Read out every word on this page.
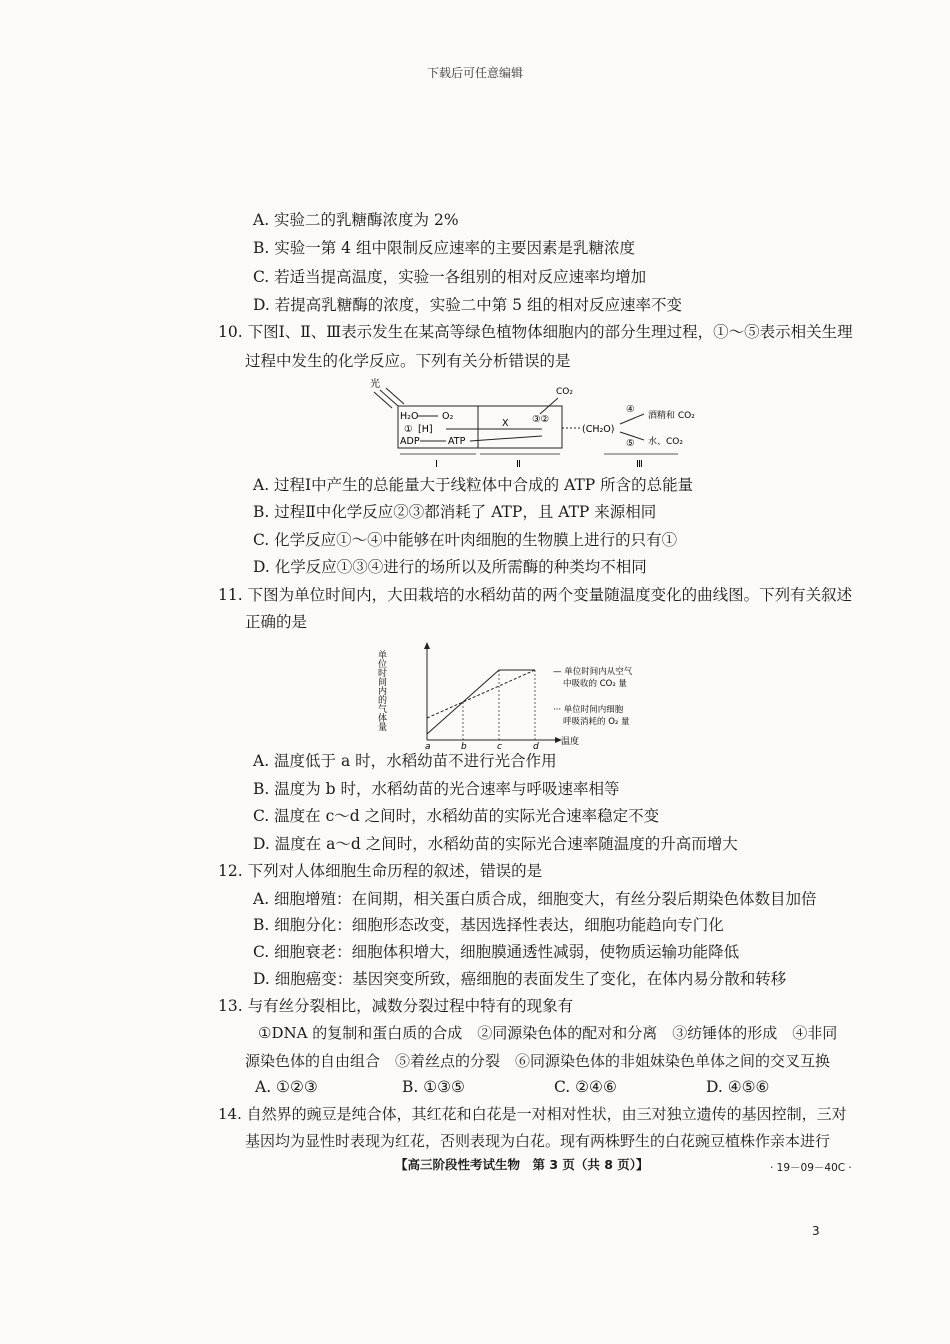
下载后可任意编辑
A. 实验二的乳糖酶浓度为 2%
B. 实验一第 4 组中限制反应速率的主要因素是乳糖浓度
C. 若适当提高温度，实验一各组别的相对反应速率均增加
D. 若提高乳糖酶的浓度，实验二中第 5 组的相对反应速率不变
10. 下图Ⅰ、Ⅱ、Ⅲ表示发生在某高等绿色植物体细胞内的部分生理过程，①～⑤表示相关生理
过程中发生的化学反应。下列有关分析错误的是
光
H₂O O₂
[H]
①
ADP	ATP
X ③②
CO₂
(CH₂O)
④
酒精和 CO₂
⑤ 水、CO₂
Ⅰ	Ⅱ	Ⅲ
A. 过程Ⅰ中产生的总能量大于线粒体中合成的 ATP 所含的总能量
B. 过程Ⅱ中化学反应②③都消耗了 ATP，且 ATP 来源相同
C. 化学反应①～④中能够在叶肉细胞的生物膜上进行的只有①
D. 化学反应①③④进行的场所以及所需酶的种类均不相同
11. 下图为单位时间内，大田栽培的水稻幼苗的两个变量随温度变化的曲线图。下列有关叙述
正确的是
单位时间内的气体量
a	b	c	d 温度
— 单位时间内从空气
中吸收的 CO₂ 量
··· 单位时间内细胞
呼吸消耗的 O₂ 量
A. 温度低于 a 时，水稻幼苗不进行光合作用
B. 温度为 b 时，水稻幼苗的光合速率与呼吸速率相等
C. 温度在 c～d 之间时，水稻幼苗的实际光合速率稳定不变
D. 温度在 a～d 之间时，水稻幼苗的实际光合速率随温度的升高而增大
12. 下列对人体细胞生命历程的叙述，错误的是
A. 细胞增殖：在间期，相关蛋白质合成，细胞变大，有丝分裂后期染色体数目加倍
B. 细胞分化：细胞形态改变，基因选择性表达，细胞功能趋向专门化
C. 细胞衰老：细胞体积增大，细胞膜通透性减弱，使物质运输功能降低
D. 细胞癌变：基因突变所致，癌细胞的表面发生了变化，在体内易分散和转移
13. 与有丝分裂相比，减数分裂过程中特有的现象有
①DNA 的复制和蛋白质的合成　②同源染色体的配对和分离　③纺锤体的形成　④非同
源染色体的自由组合　⑤着丝点的分裂　⑥同源染色体的非姐妹染色单体之间的交叉互换
A. ①②③	B. ①③⑤	C. ②④⑥	D. ④⑤⑥
14. 自然界的豌豆是纯合体，其红花和白花是一对相对性状，由三对独立遗传的基因控制，三对
基因均为显性时表现为红花，否则表现为白花。现有两株野生的白花豌豆植株作亲本进行
【高三阶段性考试生物　第 3 页（共 8 页）】	· 19－09－40C ·
3
